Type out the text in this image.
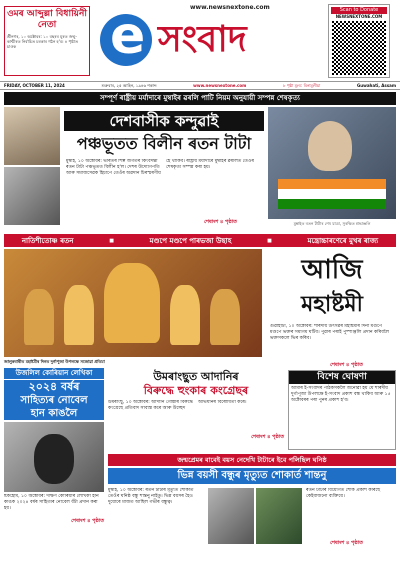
ওমৰ আব্দুল্লা বিধায়িনী নেতা
শ্ৰীনগৰ, ১০ অক্টোবৰ: ১০ বছৰৰ মূৰত জম্মু-কাশ্মীৰত নিৰ্বাচিত চৰকাৰ গঠন হ'ব। ৪ পৃষ্ঠাত চাওক
www.newsnextone.com
e সংবাদ
Scan to Donate
NEWSNEXTONE.COM
FRIDAY, OCTOBER 11, 2024	শুক্ৰবাৰ, ২৫ আহিন, ১৯৪৬ শকাব্দ	www.newsnextone.com	৮ পৃষ্ঠা মূল্য: বিনামূলীয়া	Guwahati, Assam
সম্পূৰ্ণ ৰাষ্ট্ৰীয় মৰ্যাদাৰে মুম্বাইৰ ৱৰলি পাটি নিয়ম অনুযায়ী সম্পন্ন শেষকৃত্য
দেশবাসীক কন্দুৱাই
পঞ্চভূতত বিলীন ৰতন টাটা
মুম্বাই, ১০ অক্টোবৰ: ভাৰতৰ শিল্প জগতৰ কিংবদন্তী ৰতন টাটা পঞ্চভূতত বিলীন হ'ল। দেশৰ উদ্যোগপতি আৰু সমাজসেৱক হিচাপে তেওঁৰ অৱদান চিৰস্মৰণীয় হৈ থাকিব। ৰাষ্ট্ৰীয় মৰ্যাদাৰে মুম্বাইৰ ৱৰলিত তেওঁৰ শেষকৃত্য সম্পন্ন কৰা হয়।
শেষাংশ ৪ পৃষ্ঠাত	মুম্বাইত ৰতন টাটাৰ শেষ যাত্ৰা, সুৰক্ষিত শ্ৰদ্ধাঞ্জলি
নাতিশীতোষ্ণ ৰতন	■	মণ্ডপে মণ্ডপে পাৰভজা উছাহ	■	মন্ত্ৰোচ্চাৰণেৰে মুখৰ ৰাজ্য
জালুকবাৰীত মহাষ্টমীৰ দিনত দুৰ্গাপূজা উপলক্ষে সজোৱা প্ৰতিমা
আজি
মহাষ্টমী
গুৱাহাটী, ১০ অক্টোবৰ: শাৰদীয় উৎসৱৰ মহাষ্টমীৰ দিনা মণ্ডপে মণ্ডপে ভক্তৰ সমাগম ঘটিব। পুৱাৰ পৰাই পুষ্পাঞ্জলি প্ৰদান কৰিবলৈ ভক্তসকলে ভিৰ কৰিব।
শেষাংশ ৪ পৃষ্ঠাত
উজলিল কোৰিয়ান লেখিকা
২০২৪ বৰ্ষৰ
সাহিত্যৰ নোবেল
হান কাঙলৈ
ষ্টকহোম, ১০ অক্টোবৰ: দক্ষিণ কোৰিয়াৰ লেখিকা হান কাঙক ২০২৪ বৰ্ষৰ সাহিত্যৰ নোবেল বঁটা প্ৰদান কৰা হয়।
শেষাংশ ৪ পৃষ্ঠাত
উমৰাংছুত আদানিৰ
বিৰুদ্ধে হুংকাৰ কংগ্ৰেছৰ
উমৰাংছু, ১০ অক্টোবৰ: আদানি গোষ্ঠীৰ বিৰুদ্ধে কংগ্ৰেছে প্ৰতিবাদ সাব্যস্ত কৰে আৰু উচ্ছেদ অভিযানৰ বিৰোধিতা কৰে।
শেষাংশ ৪ পৃষ্ঠাত
বিশেষ ঘোষণা
আমাৰ ই-সংবাদৰ পাঠকসকলৈ জনোৱা হয় যে শাৰদীয় দুৰ্গাপূজা উপলক্ষে ই-সংবাদ প্ৰকাশ বন্ধ থাকিব আৰু ১৫ অক্টোবৰৰ পৰা পুনৰ প্ৰকাশ হ'ব।
জন্মপ্ৰেমৰ বাবেই বয়স নেদেখি টাটাৰে ইবে পলিছিল ঘনিষ্ঠ
ভিন্ন বয়সী বন্ধুৰ মৃত্যুত শোকাৰ্ত শান্তনু
মুম্বাই, ১০ অক্টোবৰ: ৰতন টাটাৰ মৃত্যুত শোকাৰ্ত তেওঁৰ ঘনিষ্ঠ বন্ধু শান্তনু নাইডু। ভিন্ন বয়সৰ হৈও দুয়োৰে মাজত আছিল গভীৰ বন্ধুত্ব।
ৰতন টাটাৰ বিয়োগত শোক প্ৰকাশ কৰিছে কেইবাজনো ব্যক্তিয়ে।
শেষাংশ ৪ পৃষ্ঠাত
